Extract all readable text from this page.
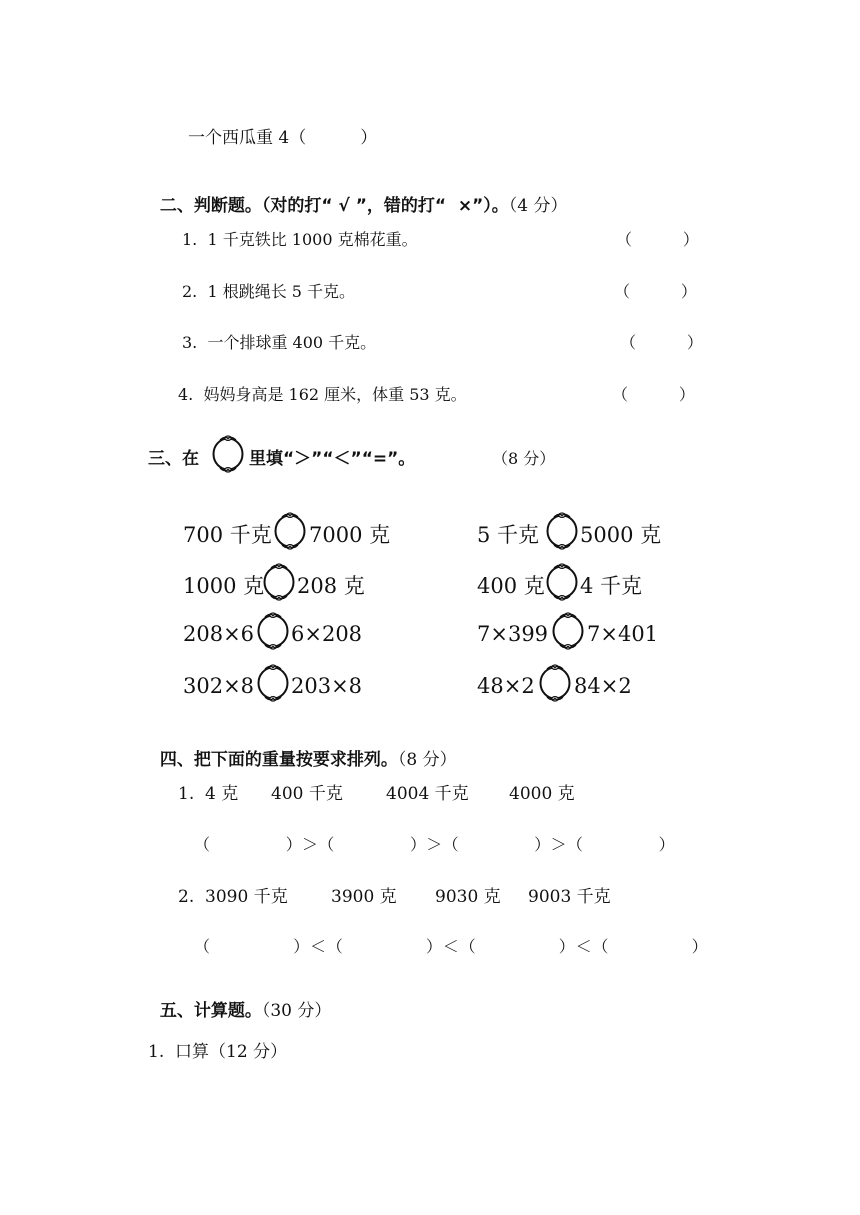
一个西瓜重 4（          ）

二、判断题。（对的打“ √ ”，错的打“  ×”）。（4 分）

1.  1 千克铁比 1000 克棉花重。	（          ）
2.  1 根跳绳长 5 千克。	（          ）
3.  一个排球重 400 千克。	（          ）
4.  妈妈身高是 162 厘米，体重 53 克。	（          ）
三、在	里填“＞”“＜”“=”。	（8 分）
700 千克 7000 克	5 千克 5000 克
1000 克 208 克	400 克 4 千克
208×6 6×208	7×399 7×401
302×8 203×8	48×2 84×2

四、把下面的重量按要求排列。（8 分）

1.  4 克 400 千克	4004 千克 4000 克
（              ）＞（              ）＞（              ）＞（              ）
2.  3090 千克	3900 克 9030 克 9003 千克
（              ）＜（              ）＜（              ）＜（              ）

五、计算题。（30 分）

1.  口算（12 分）
